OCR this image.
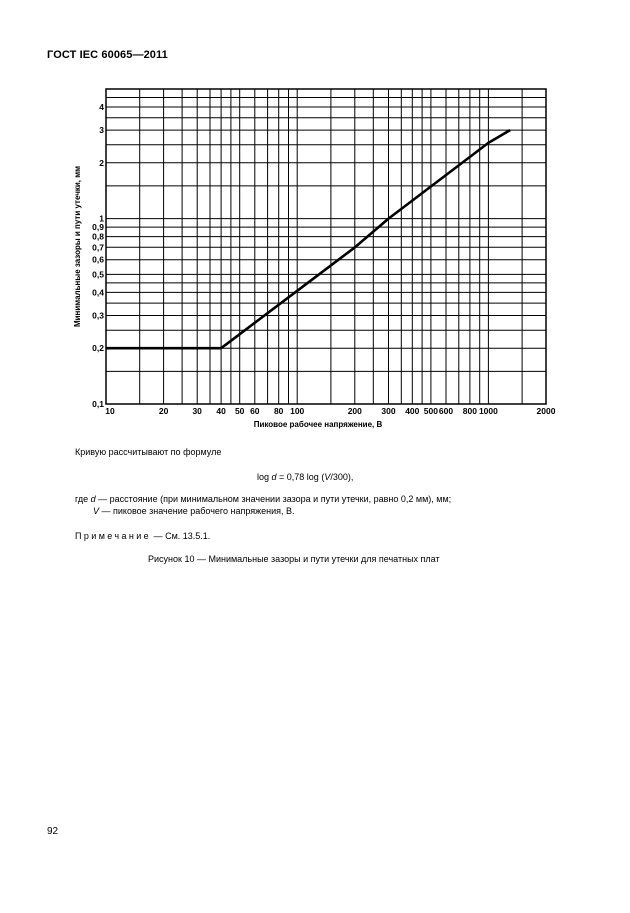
ГОСТ IEC 60065—2011
10	20	30 40 50 60 80 100	200 300 400 500 600 800 1000	2000
0,1
0,2
0,3
0,4
0,5
0,6
0,7
0,8
0,9
1
2
3
4
Пиковое рабочее напряжение, В
Минимальные зазоры и пути утечки, мм
Кривую рассчитывают по формуле
log d = 0,78 log (V/300),
где d — расстояние (при минимальном значении зазора и пути утечки, равно 0,2 мм), мм;
V — пиковое значение рабочего напряжения, В.
Примечание — См. 13.5.1.
Рисунок 10 — Минимальные зазоры и пути утечки для печатных плат
92
